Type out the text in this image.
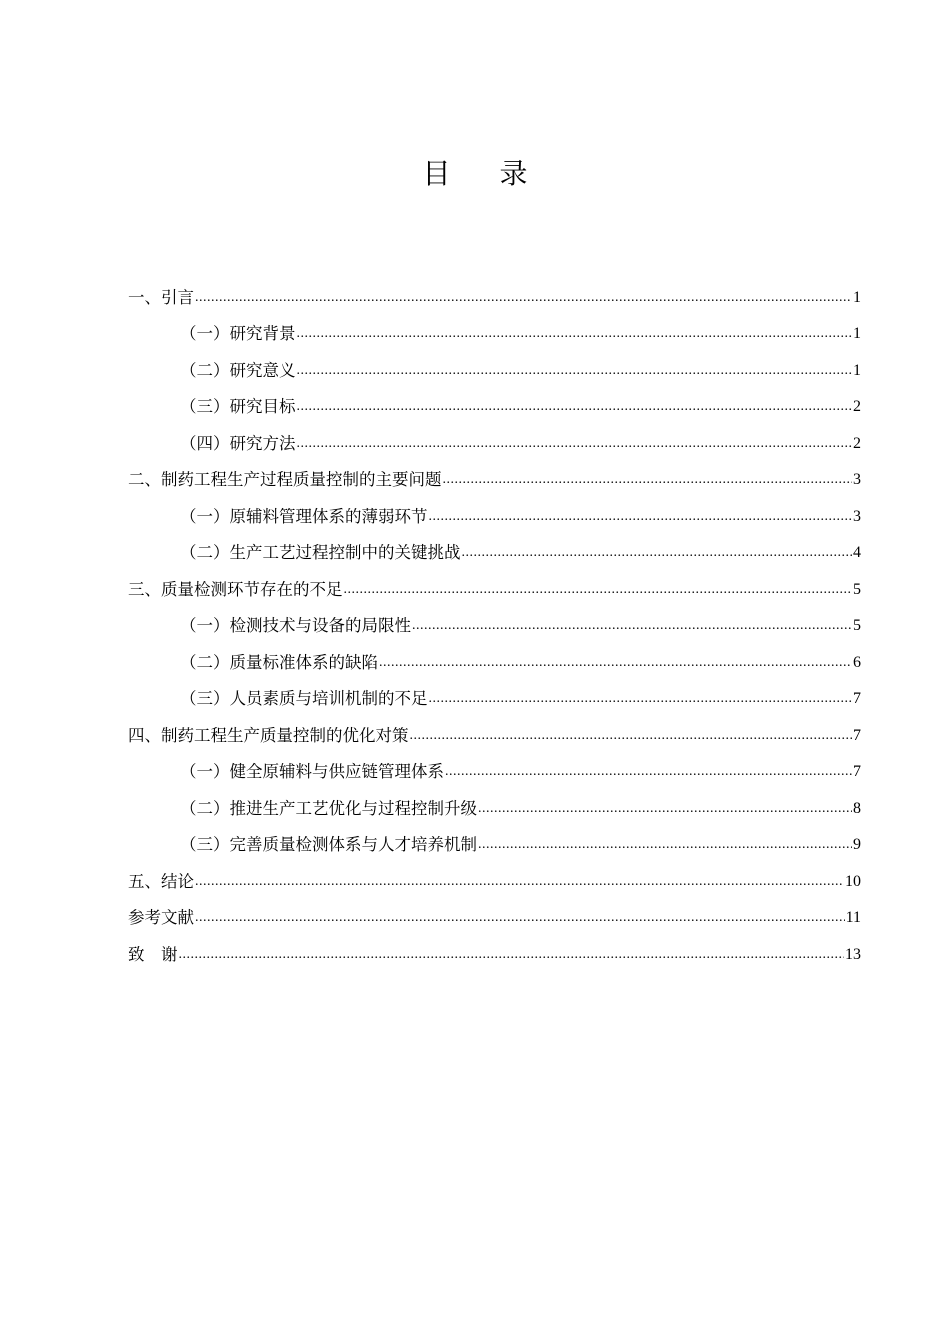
目 录
一、引言 .....	1
（一）研究背景 .....	1
（二）研究意义 .....	1
（三）研究目标 .....	2
（四）研究方法 .....	2
二、制药工程生产过程质量控制的主要问题 .....	3
（一）原辅料管理体系的薄弱环节 .....	3
（二）生产工艺过程控制中的关键挑战 .....	4
三、质量检测环节存在的不足 .....	5
（一）检测技术与设备的局限性 .....	5
（二）质量标准体系的缺陷 .....	6
（三）人员素质与培训机制的不足 .....	7
四、制药工程生产质量控制的优化对策 .....	7
（一）健全原辅料与供应链管理体系 .....	7
（二）推进生产工艺优化与过程控制升级 .....	8
（三）完善质量检测体系与人才培养机制 .....	9
五、结论 .....	10
参考文献 .....	11
致　谢 .....	13
